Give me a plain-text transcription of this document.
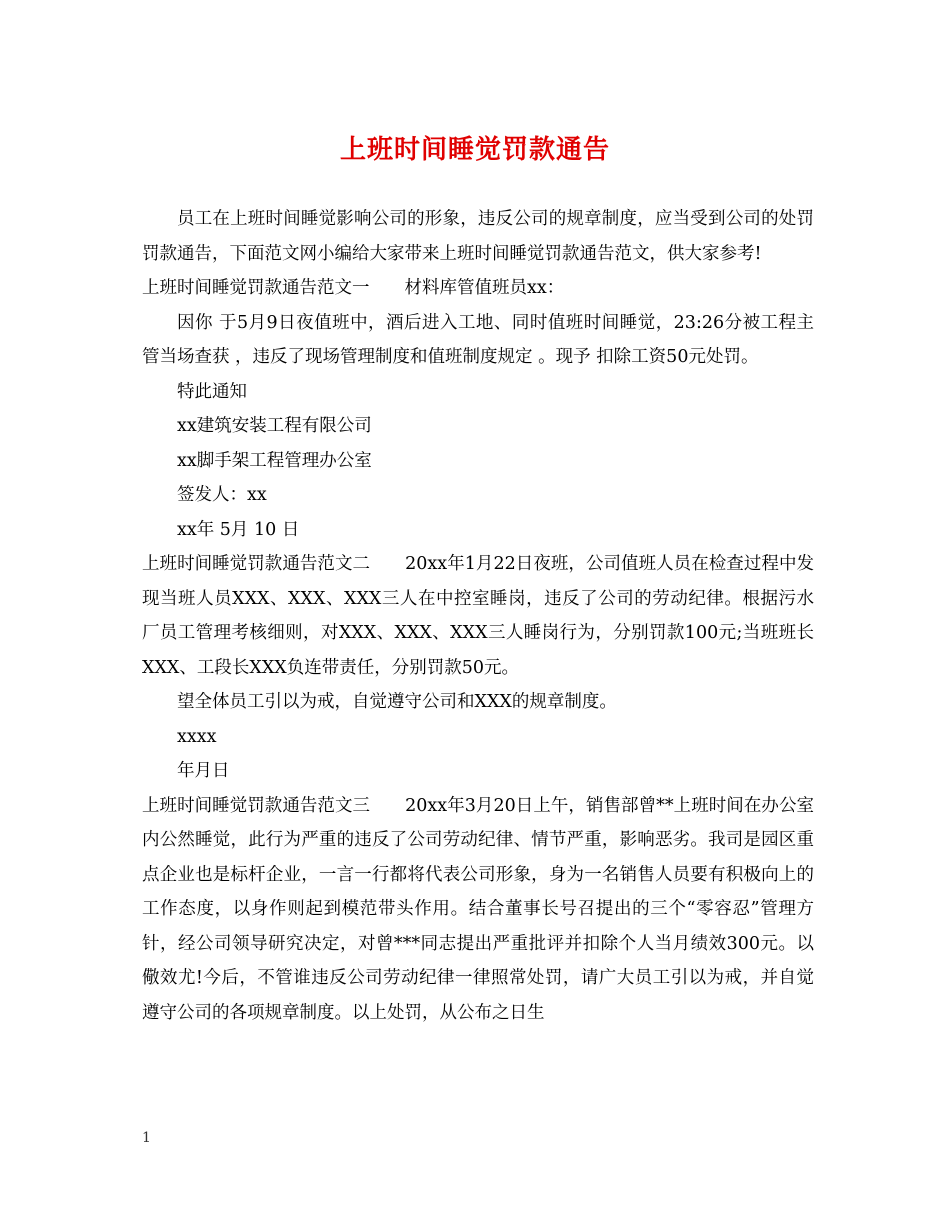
上班时间睡觉罚款通告

员工在上班时间睡觉影响公司的形象，违反公司的规章制度，应当受到公司的处罚罚款通告，下面范文网小编给大家带来上班时间睡觉罚款通告范文，供大家参考!

上班时间睡觉罚款通告范文一　　材料库管值班员xx：

因你 于5月9日夜值班中，酒后进入工地、同时值班时间睡觉，23:26分被工程主管当场查获 ，违反了现场管理制度和值班制度规定 。现予 扣除工资50元处罚。

特此通知

xx建筑安装工程有限公司

xx脚手架工程管理办公室

签发人：xx

xx年 5月 10 日

上班时间睡觉罚款通告范文二　　20xx年1月22日夜班，公司值班人员在检查过程中发现当班人员XXX、XXX、XXX三人在中控室睡岗，违反了公司的劳动纪律。根据污水厂员工管理考核细则，对XXX、XXX、XXX三人睡岗行为，分别罚款100元;当班班长XXX、工段长XXX负连带责任，分别罚款50元。

望全体员工引以为戒，自觉遵守公司和XXX的规章制度。

xxxx

年月日

上班时间睡觉罚款通告范文三　　20xx年3月20日上午，销售部曾**上班时间在办公室内公然睡觉，此行为严重的违反了公司劳动纪律、情节严重，影响恶劣。我司是园区重点企业也是标杆企业，一言一行都将代表公司形象，身为一名销售人员要有积极向上的工作态度，以身作则起到模范带头作用。结合董事长号召提出的三个“零容忍”管理方针，经公司领导研究决定，对曾***同志提出严重批评并扣除个人当月绩效300元。以儆效尤!今后，不管谁违反公司劳动纪律一律照常处罚，请广大员工引以为戒，并自觉遵守公司的各项规章制度。以上处罚，从公布之日生

1
